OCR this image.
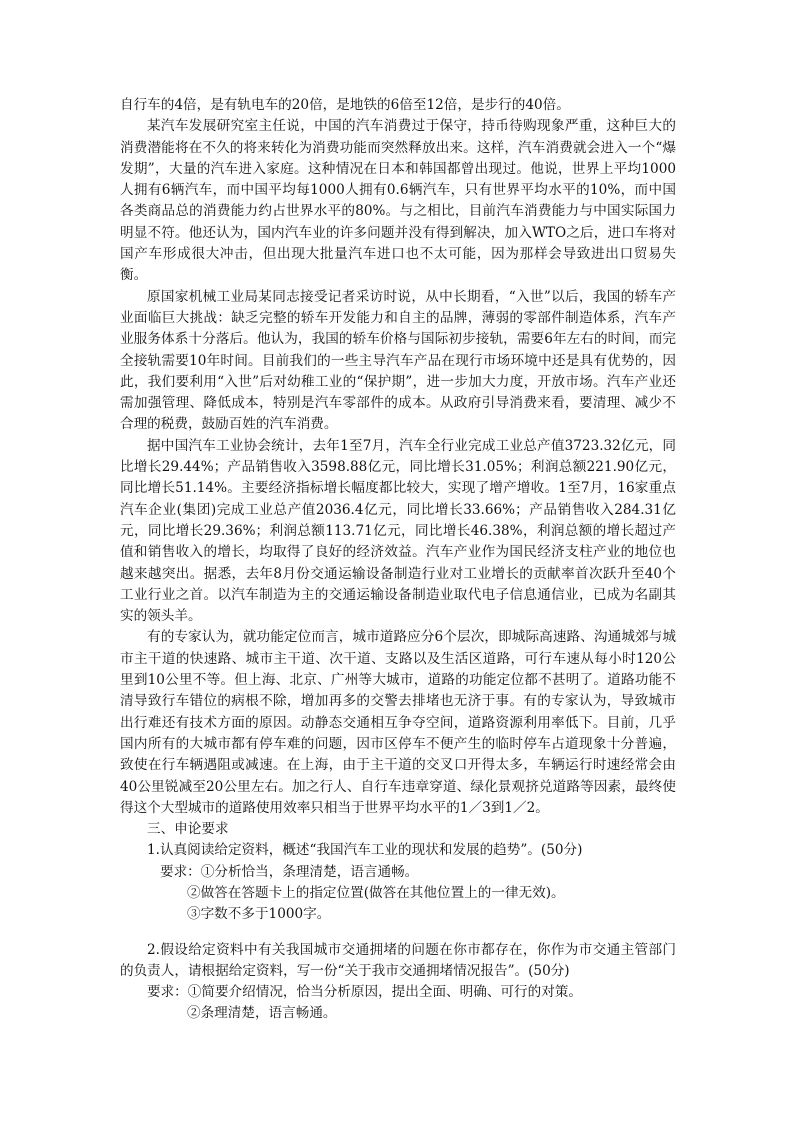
自行车的4倍，是有轨电车的20倍，是地铁的6倍至12倍，是步行的40倍。

某汽车发展研究室主任说，中国的汽车消费过于保守，持币待购现象严重，这种巨大的消费潜能将在不久的将来转化为消费功能而突然释放出来。这样，汽车消费就会进入一个“爆发期”，大量的汽车进入家庭。这种情况在日本和韩国都曾出现过。他说，世界上平均1000人拥有6辆汽车，而中国平均每1000人拥有0.6辆汽车，只有世界平均水平的10%，而中国各类商品总的消费能力约占世界水平的80%。与之相比，目前汽车消费能力与中国实际国力明显不符。他还认为，国内汽车业的许多问题并没有得到解决，加入WTO之后，进口车将对国产车形成很大冲击，但出现大批量汽车进口也不太可能，因为那样会导致进出口贸易失衡。

原国家机械工业局某同志接受记者采访时说，从中长期看，“入世”以后，我国的轿车产业面临巨大挑战：缺乏完整的轿车开发能力和自主的品牌，薄弱的零部件制造体系，汽车产业服务体系十分落后。他认为，我国的轿车价格与国际初步接轨，需要6年左右的时间，而完全接轨需要10年时间。目前我们的一些主导汽车产品在现行市场环境中还是具有优势的，因此，我们要利用“入世”后对幼稚工业的“保护期”，进一步加大力度，开放市场。汽车产业还需加强管理、降低成本，特别是汽车零部件的成本。从政府引导消费来看，要清理、减少不合理的税费，鼓励百姓的汽车消费。

据中国汽车工业协会统计，去年1至7月，汽车全行业完成工业总产值3723.32亿元，同比增长29.44%；产品销售收入3598.88亿元，同比增长31.05%；利润总额221.90亿元，同比增长51.14%。主要经济指标增长幅度都比较大，实现了增产增收。1至7月，16家重点汽车企业(集团)完成工业总产值2036.4亿元，同比增长33.66%；产品销售收入284.31亿元，同比增长29.36%；利润总额113.71亿元，同比增长46.38%，利润总额的增长超过产值和销售收入的增长，均取得了良好的经济效益。汽车产业作为国民经济支柱产业的地位也越来越突出。据悉，去年8月份交通运输设备制造行业对工业增长的贡献率首次跃升至40个工业行业之首。以汽车制造为主的交通运输设备制造业取代电子信息通信业，已成为名副其实的领头羊。

有的专家认为，就功能定位而言，城市道路应分6个层次，即城际高速路、沟通城郊与城市主干道的快速路、城市主干道、次干道、支路以及生活区道路，可行车速从每小时120公里到10公里不等。但上海、北京、广州等大城市，道路的功能定位都不甚明了。道路功能不清导致行车错位的病根不除，增加再多的交警去排堵也无济于事。有的专家认为，导致城市出行难还有技术方面的原因。动静态交通相互争夺空间，道路资源利用率低下。目前，几乎国内所有的大城市都有停车难的问题，因市区停车不便产生的临时停车占道现象十分普遍，致使在行车辆遇阻或减速。在上海，由于主干道的交叉口开得太多，车辆运行时速经常会由40公里锐减至20公里左右。加之行人、自行车违章穿道、绿化景观挤兑道路等因素，最终使得这个大型城市的道路使用效率只相当于世界平均水平的1／3到1／2。

三、申论要求

1.认真阅读给定资料，概述“我国汽车工业的现状和发展的趋势”。(50分)

要求：①分析恰当，条理清楚，语言通畅。

②做答在答题卡上的指定位置(做答在其他位置上的一律无效)。

③字数不多于1000字。

2.假设给定资料中有关我国城市交通拥堵的问题在你市都存在，你作为市交通主管部门的负责人，请根据给定资料，写一份“关于我市交通拥堵情况报告”。(50分)

要求：①简要介绍情况，恰当分析原因，提出全面、明确、可行的对策。

②条理清楚，语言畅通。
